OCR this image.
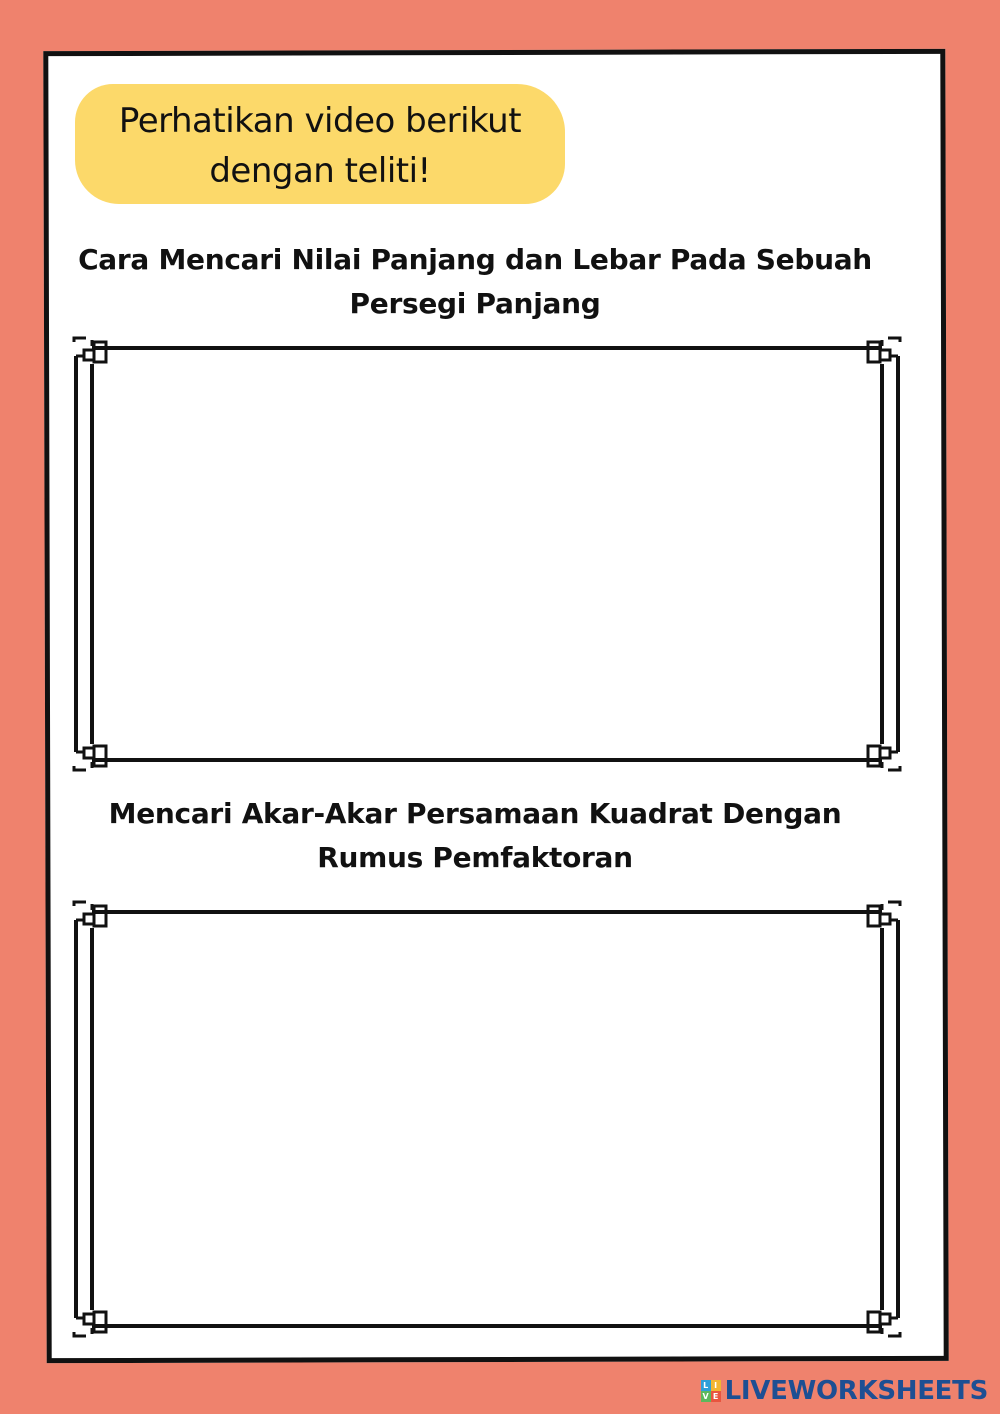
Perhatikan video berikut
dengan teliti!
Cara Mencari Nilai Panjang dan Lebar Pada Sebuah
Persegi Panjang
Mencari Akar-Akar Persamaan Kuadrat Dengan
Rumus Pemfaktoran
L I
V E LIVEWORKSHEETS
